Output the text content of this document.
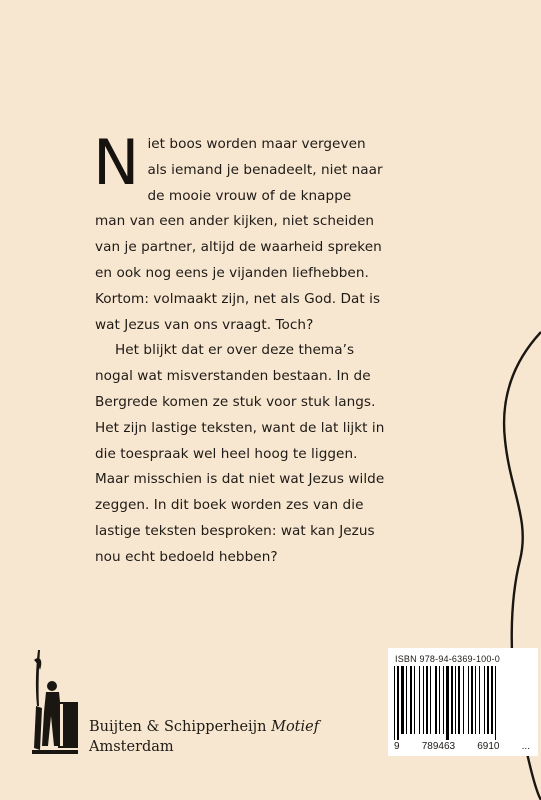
Niet boos worden maar vergeven als iemand je benadeelt, niet naar de mooie vrouw of de knappe man van een ander kijken, niet scheiden van je partner, altijd de waarheid spreken en ook nog eens je vijanden liefhebben. Kortom: volmaakt zijn, net als God. Dat is wat Jezus van ons vraagt. Toch?

Het blijkt dat er over deze thema’s nogal wat misverstanden bestaan. In de Bergrede komen ze stuk voor stuk langs. Het zijn lastige teksten, want de lat lijkt in die toespraak wel heel hoog te liggen. Maar misschien is dat niet wat Jezus wilde zeggen. In dit boek worden zes van die lastige teksten besproken: wat kan Jezus nou echt bedoeld hebben?

Buijten & Schipperheijn Motief
Amsterdam
ISBN 978-94-6369-100-0
9 789463 6910 ...
